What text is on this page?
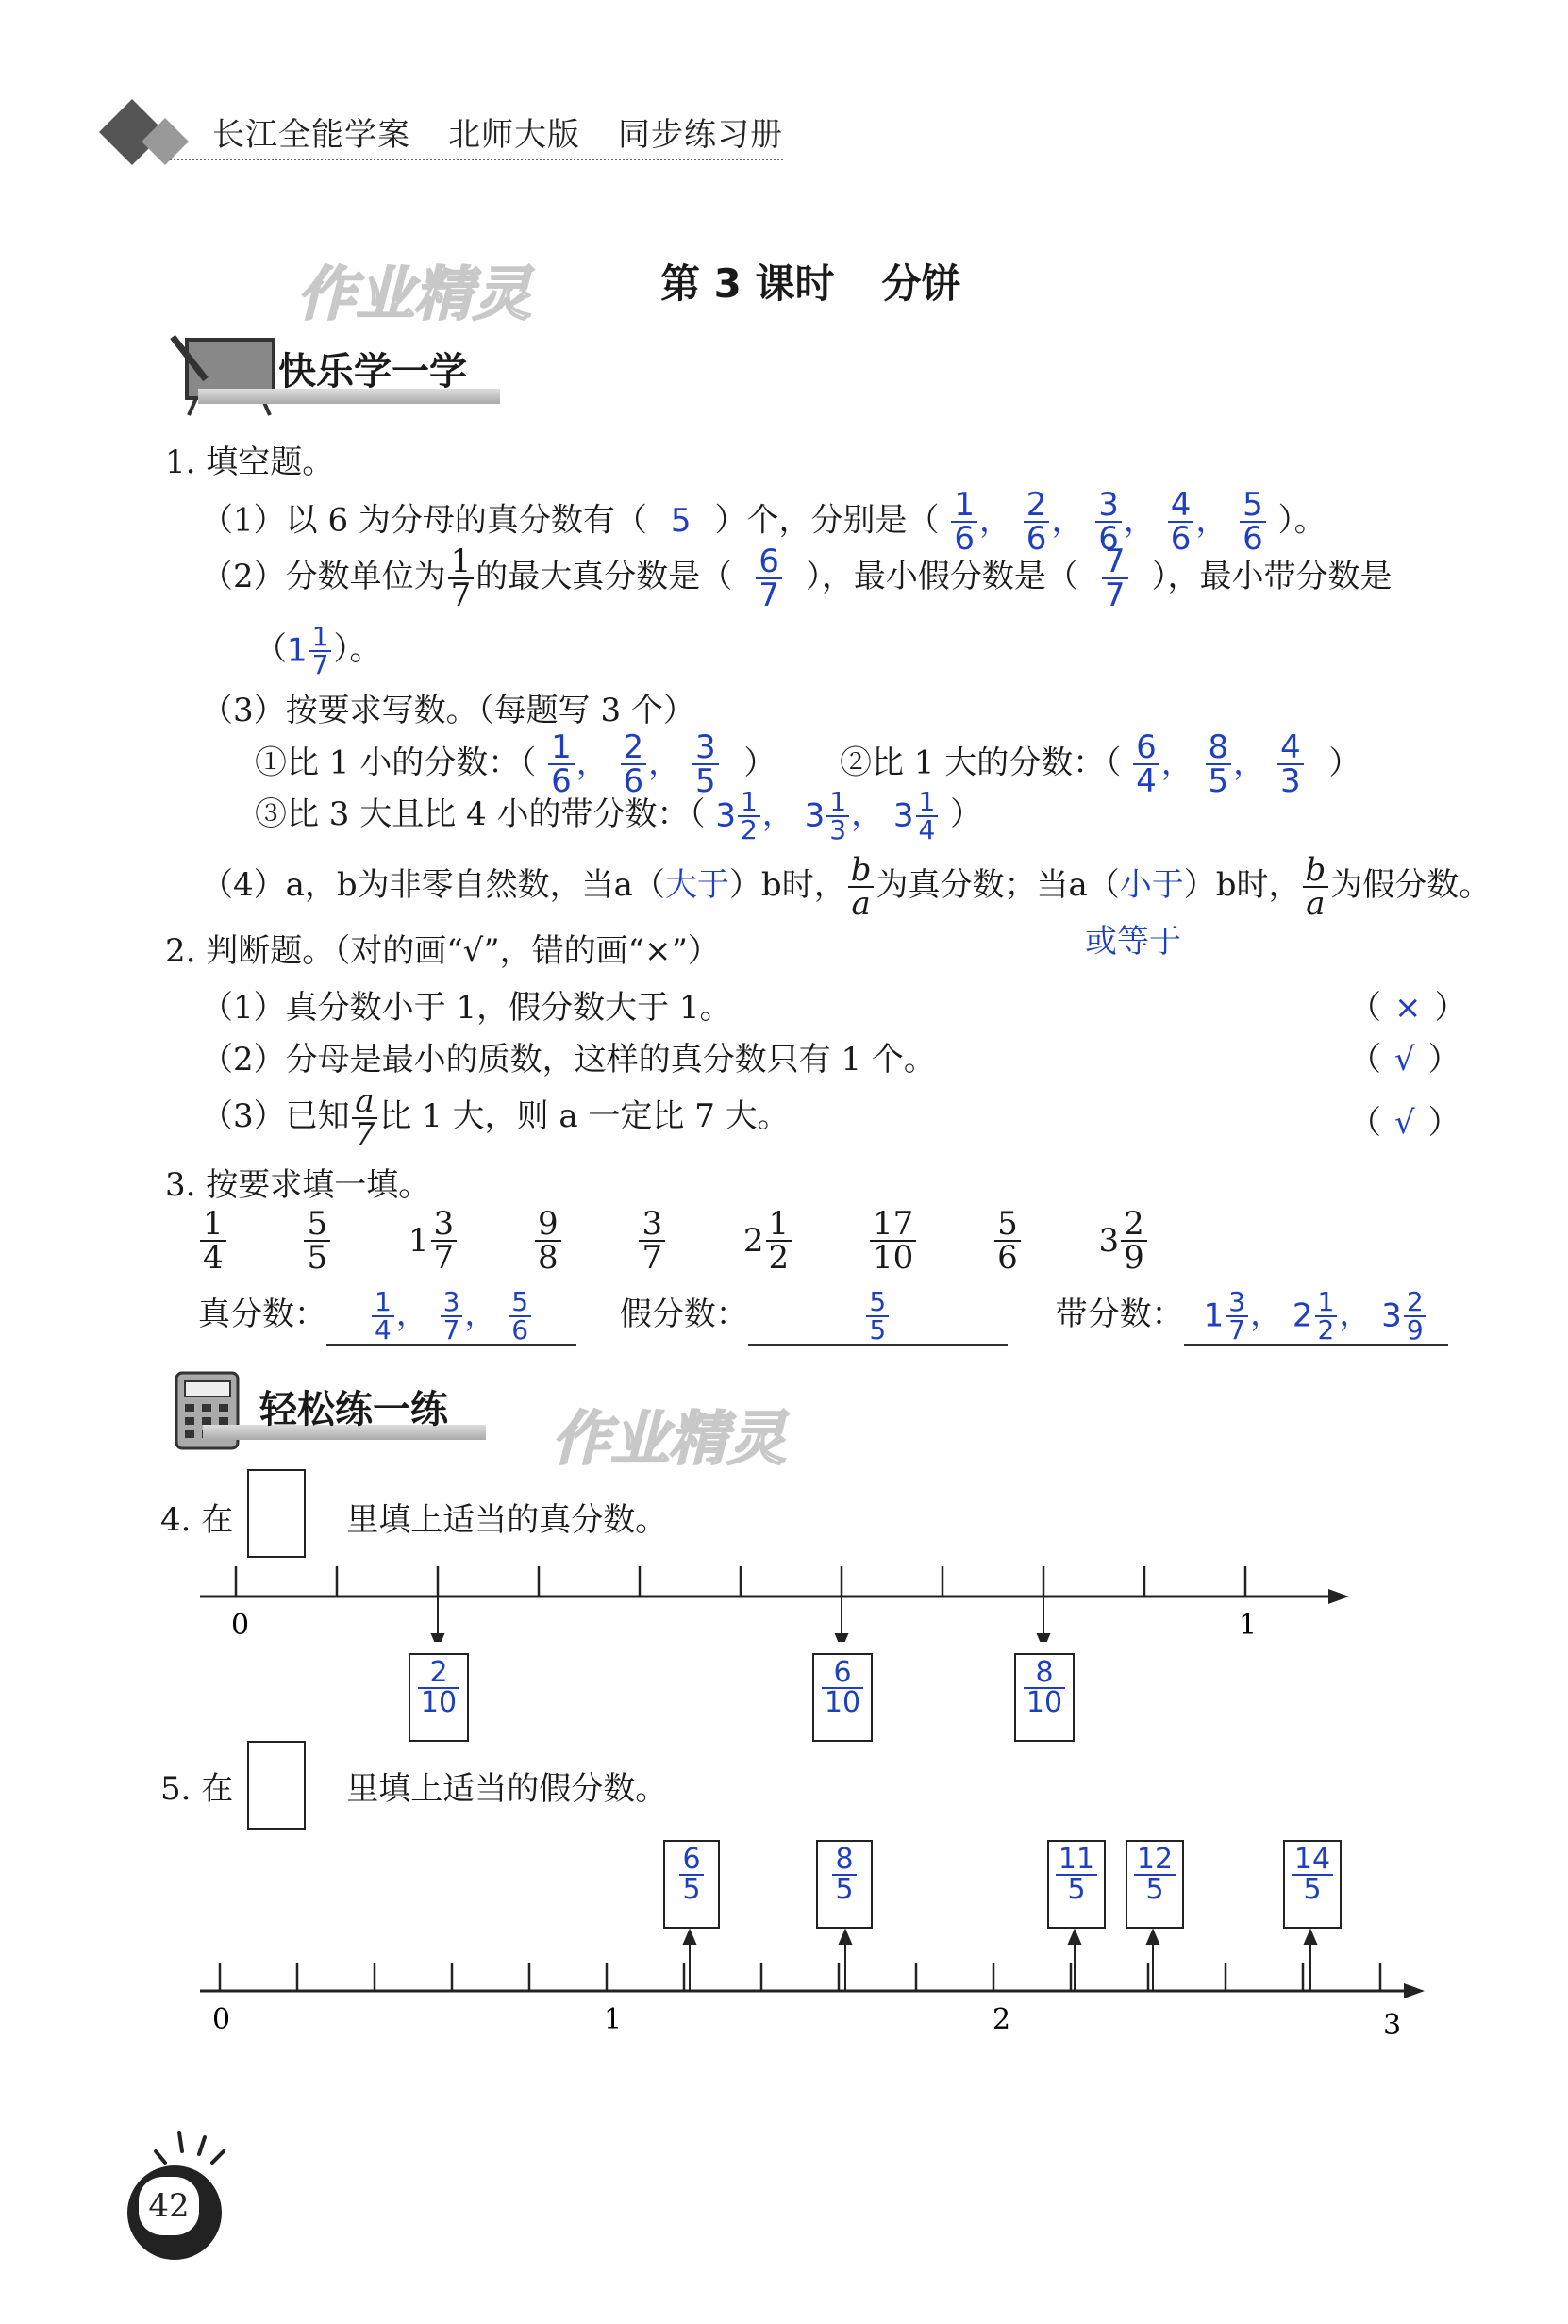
长江全能学案 北师大版 同步练习册
第 3 课时 分饼
作业精灵
作业精灵
快乐学一学
1. 填空题。
（1）以 6 为分母的真分数有（ 5 ）个，分别是（ $\frac{1}{6}$ ， $\frac{2}{6}$ ， $\frac{3}{6}$ ， $\frac{4}{6}$ ， $\frac{5}{6}$ ）。
（2）分数单位为 $\frac{1}{7}$ 的最大真分数是（ $\frac{6}{7}$ ），最小假分数是（ $\frac{7}{7}$ ），最小带分数是
（$1 \frac{1}{7}$ ）。
（3）按要求写数。（每题写 3 个）
①比 1 小的分数：（ $\frac{1}{6}$ ， $\frac{2}{6}$ ， $\frac{3}{5}$ ） ②比 1 大的分数：（ $\frac{6}{4}$ ， $\frac{8}{5}$ ， $\frac{4}{3}$ ）
③比 3 大且比 4 小的带分数：（ $3 \frac{1}{2}$ ， $3 \frac{1}{3}$ ， $3 \frac{1}{4}$ ）
（4）a，b为非零自然数，当a（大于）b时， $\frac{b}{a}$ 为真分数；当a（小于）b时， $\frac{b}{a}$ 为假分数。
或等于
2. 判断题。（对的画“√”，错的画“×”）
（1）真分数小于 1，假分数大于 1。	（ × ）
（2）分母是最小的质数，这样的真分数只有 1 个。	（ √ ）
（3）已知 $\frac{a}{7}$ 比 1 大，则 a 一定比 7 大。	（ √ ）
3. 按要求填一填。
$\frac{1}{4}$
$\frac{5}{5} 1 \frac{3}{7}$
$\frac{9}{8}$
$\frac{3}{7} 2 \frac{1}{2}$
$\frac{17}{10}$
$\frac{5}{6} 3 \frac{2}{9}$
真分数： $\frac{1}{4}$ ， $\frac{3}{7}$ ， $\frac{5}{6}$	假分数：	$\frac{5}{5}$	带分数： $1 \frac{3}{7}$ ， $2 \frac{1}{2}$ ， $3 \frac{2}{9}$
轻松练一练
4. 在	里填上适当的真分数。
0	1
$\frac{2}{10}$	$\frac{6}{10}$	$\frac{8}{10}$
5. 在	里填上适当的假分数。
$\frac{6}{5}$	$\frac{8}{5}$	$\frac{11}{5} \frac{12}{5}$	$\frac{14}{5}$
0	1	2	3
42
